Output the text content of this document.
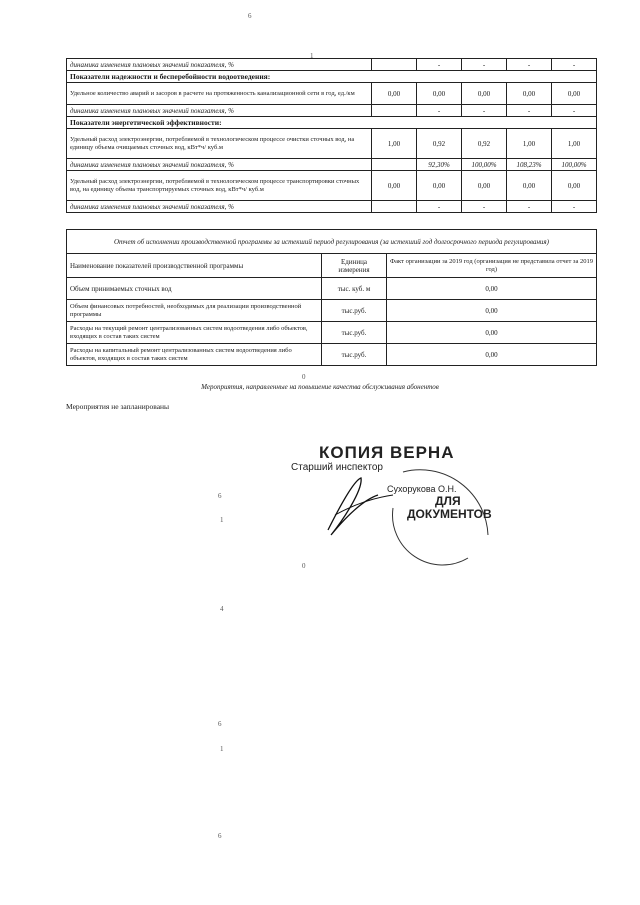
6
1
динамика изменения плановых значений показателя, %		-	-	-	-
Показатели надежности и бесперебойности водоотведения:					
Удельное количество аварий и засоров в расчете на протяженность канализационной сети в год, ед./км	0,00	0,00	0,00	0,00	0,00
динамика изменения плановых значений показателя, %		-	-	-	-
Показатели энергетической эффективности:					
Удельный расход электроэнергии, потребляемой в технологическом процессе очистки сточных вод, на единицу объема очищаемых сточных вод, кВт*ч/ куб.м	1,00	0,92	0,92	1,00	1,00
динамика изменения плановых значений показателя, %		92,30%	100,00%	108,23%	100,00%
Удельный расход электроэнергии, потребляемой в технологическом процессе транспортировки сточных вод, на единицу объема транспортируемых сточных вод, кВт*ч/ куб.м	0,00	0,00	0,00	0,00	0,00
динамика изменения плановых значений показателя, %		-	-	-	-
Отчет об исполнении производственной программы за истекший период регулирования (за истекший год долгосрочного периода регулирования)		
Наименование показателей производственной программы	Единица измерения	Факт организации за 2019 год (организация не представила отчет за 2019 год)
Объем принимаемых сточных вод	тыс. куб. м	0,00
Объем финансовых потребностей, необходимых для реализации производственной программы	тыс.руб.	0,00
Расходы на текущий ремонт централизованных систем водоотведения либо объектов, входящих в состав таких систем	тыс.руб.	0,00
Расходы на капитальный ремонт централизованных систем водоотведения либо объектов, входящих в состав таких систем	тыс.руб.	0,00
0
Мероприятия, направленные на повышение качества обслуживания абонентов
Мероприятия не запланированы
КОПИЯ ВЕРНА
Старший инспектор
Сухорукова О.Н.
ДЛЯ
ДОКУМЕНТОВ
6
1
0
4
6
1
6
